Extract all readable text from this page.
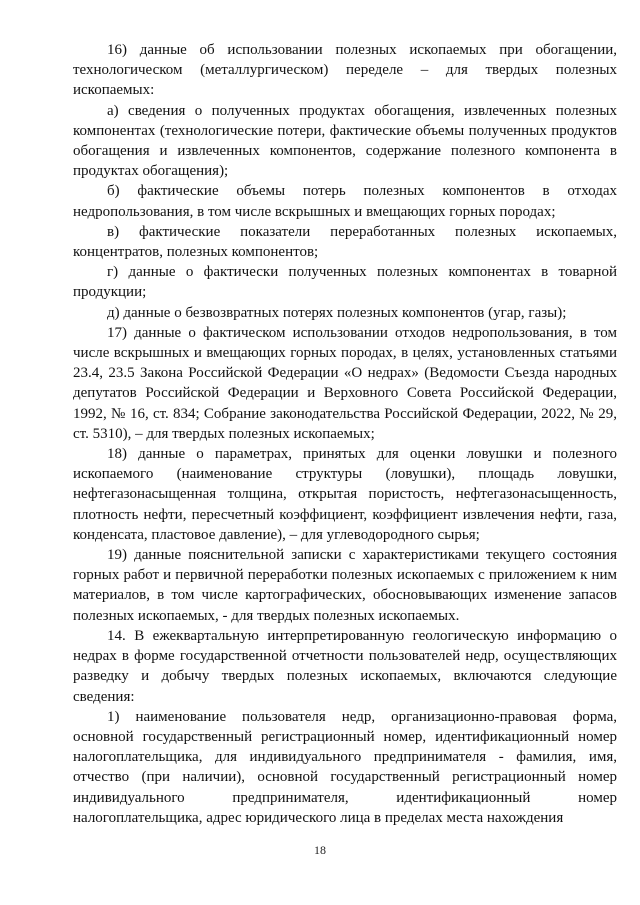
16) данные об использовании полезных ископаемых при обогащении, технологическом (металлургическом) переделе – для твердых полезных ископаемых:

а) сведения о полученных продуктах обогащения, извлеченных полезных компонентах (технологические потери, фактические объемы полученных продуктов обогащения и извлеченных компонентов, содержание полезного компонента в продуктах обогащения);

б) фактические объемы потерь полезных компонентов в отходах недропользования, в том числе вскрышных и вмещающих горных породах;

в) фактические показатели переработанных полезных ископаемых, концентратов, полезных компонентов;

г) данные о фактически полученных полезных компонентах в товарной продукции;

д) данные о безвозвратных потерях полезных компонентов (угар, газы);

17) данные о фактическом использовании отходов недропользования, в том числе вскрышных и вмещающих горных породах, в целях, установленных статьями 23.4, 23.5 Закона Российской Федерации «О недрах» (Ведомости Съезда народных депутатов Российской Федерации и Верховного Совета Российской Федерации, 1992, № 16, ст. 834; Собрание законодательства Российской Федерации, 2022, № 29, ст. 5310), – для твердых полезных ископаемых;

18) данные о параметрах, принятых для оценки ловушки и полезного ископаемого (наименование структуры (ловушки), площадь ловушки, нефтегазонасыщенная толщина, открытая пористость, нефтегазонасыщенность, плотность нефти, пересчетный коэффициент, коэффициент извлечения нефти, газа, конденсата, пластовое давление), – для углеводородного сырья;

19) данные пояснительной записки с характеристиками текущего состояния горных работ и первичной переработки полезных ископаемых с приложением к ним материалов, в том числе картографических, обосновывающих изменение запасов полезных ископаемых, - для твердых полезных ископаемых.

14. В ежеквартальную интерпретированную геологическую информацию о недрах в форме государственной отчетности пользователей недр, осуществляющих разведку и добычу твердых полезных ископаемых, включаются следующие сведения:

1) наименование пользователя недр, организационно-правовая форма, основной государственный регистрационный номер, идентификационный номер налогоплательщика, для индивидуального предпринимателя - фамилия, имя, отчество (при наличии), основной государственный регистрационный номер индивидуального предпринимателя, идентификационный номер налогоплательщика, адрес юридического лица в пределах места нахождения

18
